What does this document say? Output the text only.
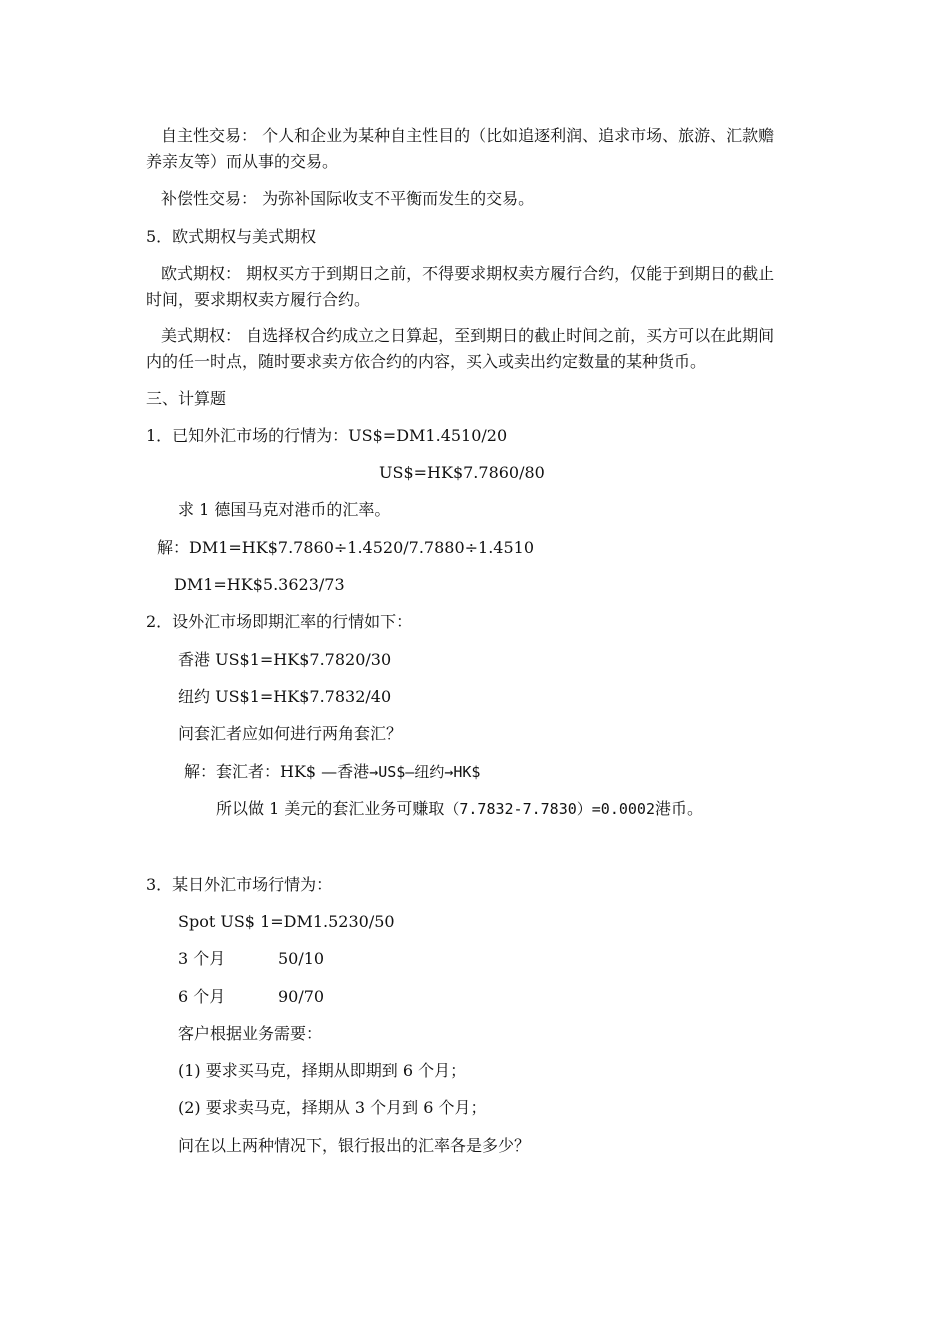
自主性交易： 个人和企业为某种自主性目的（比如追逐利润、追求市场、旅游、汇款赡
养亲友等）而从事的交易。
补偿性交易： 为弥补国际收支不平衡而发生的交易。
5．欧式期权与美式期权
欧式期权： 期权买方于到期日之前，不得要求期权卖方履行合约，仅能于到期日的截止
时间，要求期权卖方履行合约。
美式期权： 自选择权合约成立之日算起，至到期日的截止时间之前，买方可以在此期间
内的任一时点，随时要求卖方依合约的内容，买入或卖出约定数量的某种货币。
三、计算题
1．已知外汇市场的行情为：US$=DM1.4510/20
US$=HK$7.7860/80
求 1 德国马克对港币的汇率。
解：DM1=HK$7.7860÷1.4520/7.7880÷1.4510
DM1=HK$5.3623/73
2．设外汇市场即期汇率的行情如下：
香港 US$1=HK$7.7820/30
纽约 US$1=HK$7.7832/40
问套汇者应如何进行两角套汇？
解：套汇者：HK$ —香港→US$—纽约→HK$
所以做 1 美元的套汇业务可赚取（7.7832-7.7830）=0.0002港币。
3．某日外汇市场行情为：
Spot US$ 1=DM1.5230/50
3 个月	50/10
6 个月	90/70
客户根据业务需要：
(1) 要求买马克，择期从即期到 6 个月；
(2) 要求卖马克，择期从 3 个月到 6 个月；
问在以上两种情况下，银行报出的汇率各是多少？
